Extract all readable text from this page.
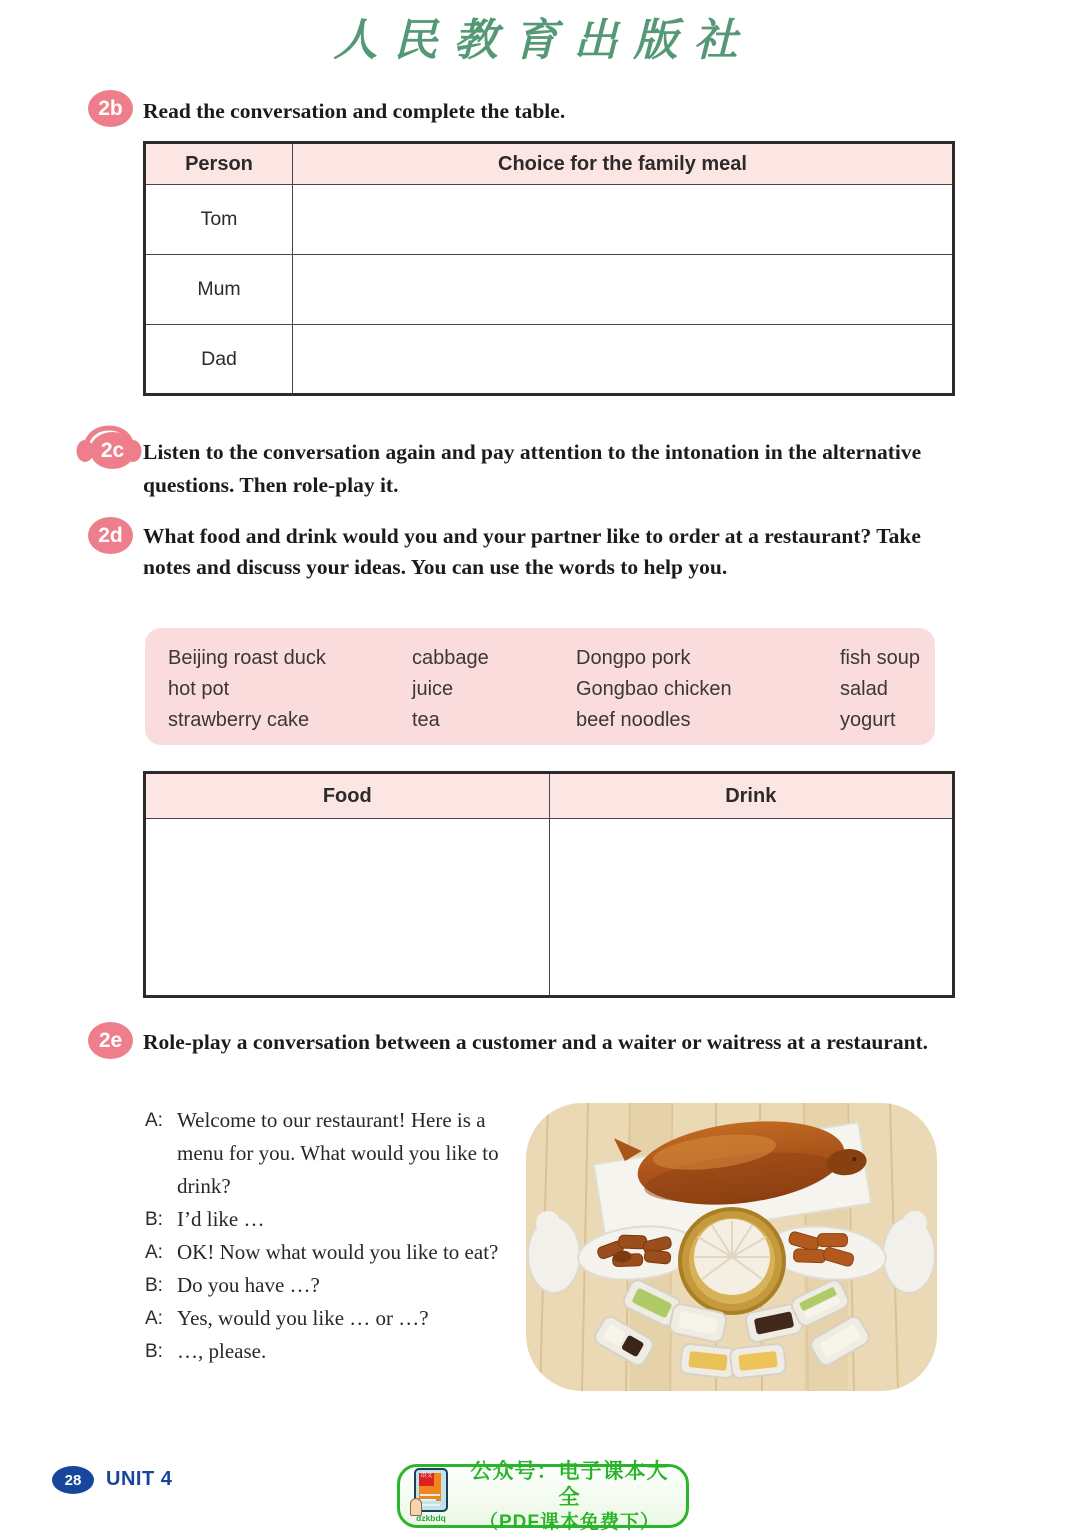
人民教育出版社
2b Read the conversation and complete the table.

Person	Choice for the family meal
Tom	
Mum	
Dad	
2c Listen to the conversation again and pay attention to the intonation in the alternative questions. Then role-play it.

2d What food and drink would you and your partner like to order at a restaurant? Take notes and discuss your ideas. You can use the words to help you.

Beijing roast duck
hot pot
strawberry cake
cabbage
juice
tea
Dongpo pork
Gongbao chicken
beef noodles
fish soup
salad
yogurt
Food	Drink

2e Role-play a conversation between a customer and a waiter or waitress at a restaurant.

A: Welcome to our restaurant! Here is a menu for you. What would you like to drink?
B: I’d like …
A: OK! Now what would you like to eat?
B: Do you have …?
A: Yes, would you like … or …?
B: …, please.
28	UNIT 4	语文
dzkbdq
公众号：电子课本大全
（PDF课本免费下）
